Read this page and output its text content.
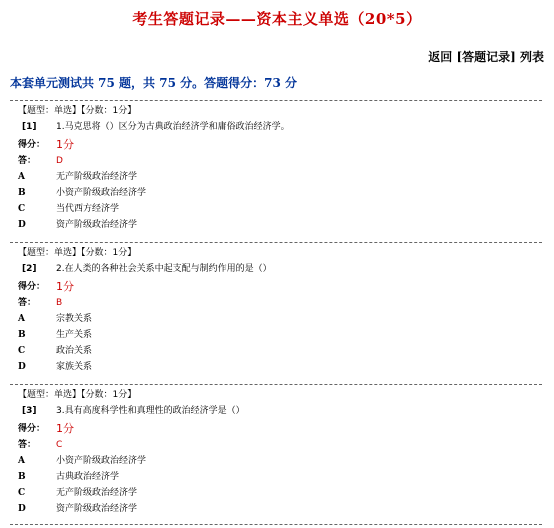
考生答题记录——资本主义单选（20*5）
返回 [答题记录] 列表
本套单元测试共 75 题，共 75 分。答题得分：73 分
【题型：单选】【分数：1分】
[1] 1.马克思将（）区分为古典政治经济学和庸俗政治经济学。
得分： 1分
答： D
A	无产阶级政治经济学
B	小资产阶级政治经济学
C	当代西方经济学
D	资产阶级政治经济学
【题型：单选】【分数：1分】
[2] 2.在人类的各种社会关系中起支配与制约作用的是（）
得分： 1分
答： B
A	宗教关系
B	生产关系
C	政治关系
D	家族关系
【题型：单选】【分数：1分】
[3] 3.具有高度科学性和真理性的政治经济学是（）
得分： 1分
答： C
A	小资产阶级政治经济学
B	古典政治经济学
C	无产阶级政治经济学
D	资产阶级政治经济学
